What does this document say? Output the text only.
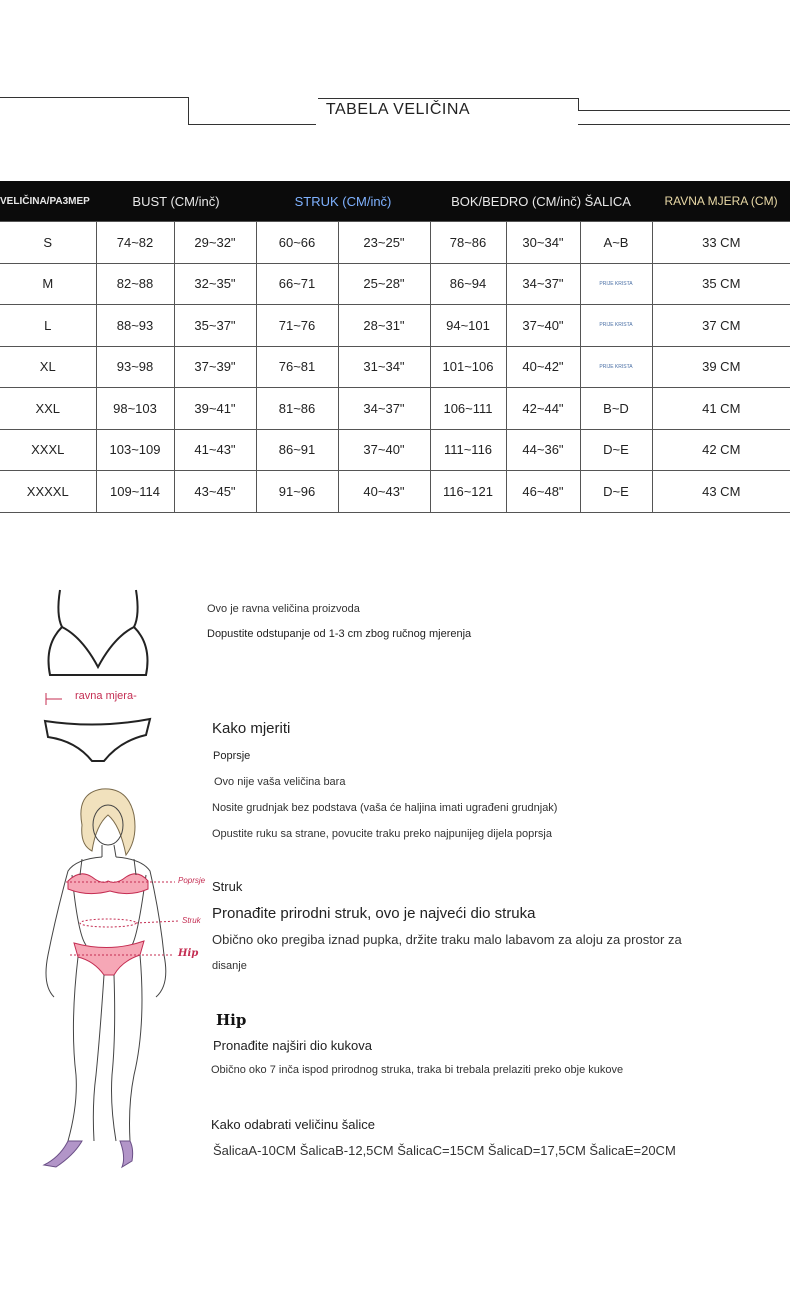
TABELA VELIČINA
VELIČINA/PA3MEP	BUST (CM/inč)		STRUK (CM/inč)		BOK/BEDRO (CM/inč) ŠALICA			RAVNA MJERA (CM)
S	74~82	29~32"	60~66	23~25"	78~86	30~34"	A~B	33 CM
M	82~88	32~35"	66~71	25~28"	86~94	34~37"	PRIJE KRISTA	35 CM
L	88~93	35~37"	71~76	28~31"	94~101	37~40"	PRIJE KRISTA	37 CM
XL	93~98	37~39"	76~81	31~34"	101~106	40~42"	PRIJE KRISTA	39 CM
XXL	98~103	39~41"	81~86	34~37"	106~111	42~44"	B~D	41 CM
XXXL	103~109	41~43"	86~91	37~40"	111~116	44~36"	D~E	42 CM
XXXXL	109~114	43~45"	91~96	40~43"	116~121	46~48"	D~E	43 CM
ravna mjera-
Poprsje
Struk
Hip
Ovo je ravna veličina proizvoda
Dopustite odstupanje od 1-3 cm zbog ručnog mjerenja
Kako mjeriti
Poprsje
Ovo nije vaša veličina bara
Nosite grudnjak bez podstava (vaša će haljina imati ugrađeni grudnjak)
Opustite ruku sa strane, povucite traku preko najpunijeg dijela poprsja
Struk
Pronađite prirodni struk, ovo je najveći dio struka
Obično oko pregiba iznad pupka, držite traku malo labavom za aloju za prostor za
disanje
Hip
Pronađite najširi dio kukova
Obično oko 7 inča ispod prirodnog struka, traka bi trebala prelaziti preko obje kukove
Kako odabrati veličinu šalice
ŠalicaA-10CM ŠalicaB-12,5CM ŠalicaC=15CM ŠalicaD=17,5CM ŠalicaE=20CM
